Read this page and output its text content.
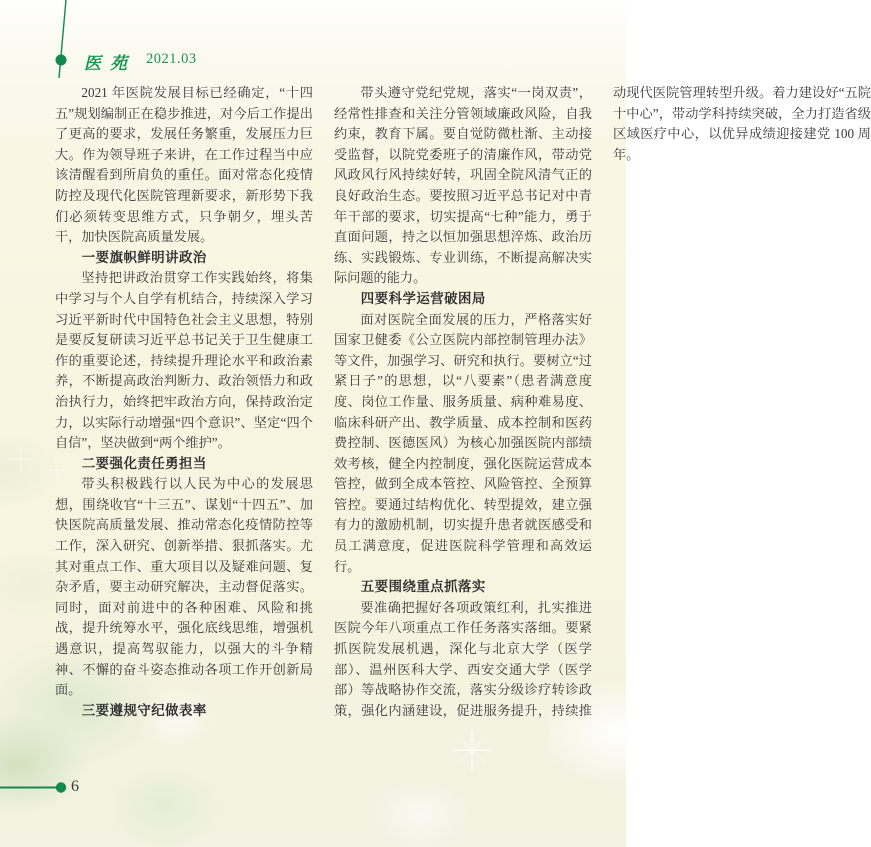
医苑 2021.03

2021 年医院发展目标已经确定，“十四五”规划编制正在稳步推进，对今后工作提出了更高的要求，发展任务繁重，发展压力巨大。作为领导班子来讲，在工作过程当中应该清醒看到所肩负的重任。面对常态化疫情防控及现代化医院管理新要求，新形势下我们必须转变思维方式，只争朝夕，埋头苦干，加快医院高质量发展。

一要旗帜鲜明讲政治

坚持把讲政治贯穿工作实践始终，将集中学习与个人自学有机结合，持续深入学习习近平新时代中国特色社会主义思想，特别是要反复研读习近平总书记关于卫生健康工作的重要论述，持续提升理论水平和政治素养，不断提高政治判断力、政治领悟力和政治执行力，始终把牢政治方向，保持政治定力，以实际行动增强“四个意识”、坚定“四个自信”，坚决做到“两个维护”。

二要强化责任勇担当

带头积极践行以人民为中心的发展思想，围绕收官“十三五”、谋划“十四五”、加快医院高质量发展、推动常态化疫情防控等工作，深入研究、创新举措、狠抓落实。尤其对重点工作、重大项目以及疑难问题、复杂矛盾，要主动研究解决，主动督促落实。同时，面对前进中的各种困难、风险和挑战，提升统筹水平，强化底线思维，增强机遇意识，提高驾驭能力，以强大的斗争精神、不懈的奋斗姿态推动各项工作开创新局面。

三要遵规守纪做表率

带头遵守党纪党规，落实“一岗双责”，经常性排查和关注分管领域廉政风险，自我约束，教育下属。要自觉防微杜渐、主动接受监督，以院党委班子的清廉作风，带动党风政风行风持续好转，巩固全院风清气正的良好政治生态。要按照习近平总书记对中青年干部的要求，切实提高“七种”能力，勇于直面问题，持之以恒加强思想淬炼、政治历练、实践锻炼、专业训练，不断提高解决实际问题的能力。

四要科学运营破困局

面对医院全面发展的压力，严格落实好国家卫健委《公立医院内部控制管理办法》等文件，加强学习、研究和执行。要树立“过紧日子”的思想，以“八要素”（患者满意度度、岗位工作量、服务质量、病种难易度、临床科研产出、教学质量、成本控制和医药费控制、医德医风）为核心加强医院内部绩效考核，健全内控制度，强化医院运营成本管控，做到全成本管控、风险管控、全预算管控。要通过结构优化、转型提效，建立强有力的激励机制，切实提升患者就医感受和员工满意度，促进医院科学管理和高效运行。

五要围绕重点抓落实

要准确把握好各项政策红利，扎实推进医院今年八项重点工作任务落实落细。要紧抓医院发展机遇，深化与北京大学（医学部）、温州医科大学、西安交通大学（医学部）等战略协作交流，落实分级诊疗转诊政策，强化内涵建设，促进服务提升，持续推动现代医院管理转型升级。着力建设好“五院十中心”，带动学科持续突破，全力打造省级区域医疗中心，以优异成绩迎接建党 100 周年。

6
